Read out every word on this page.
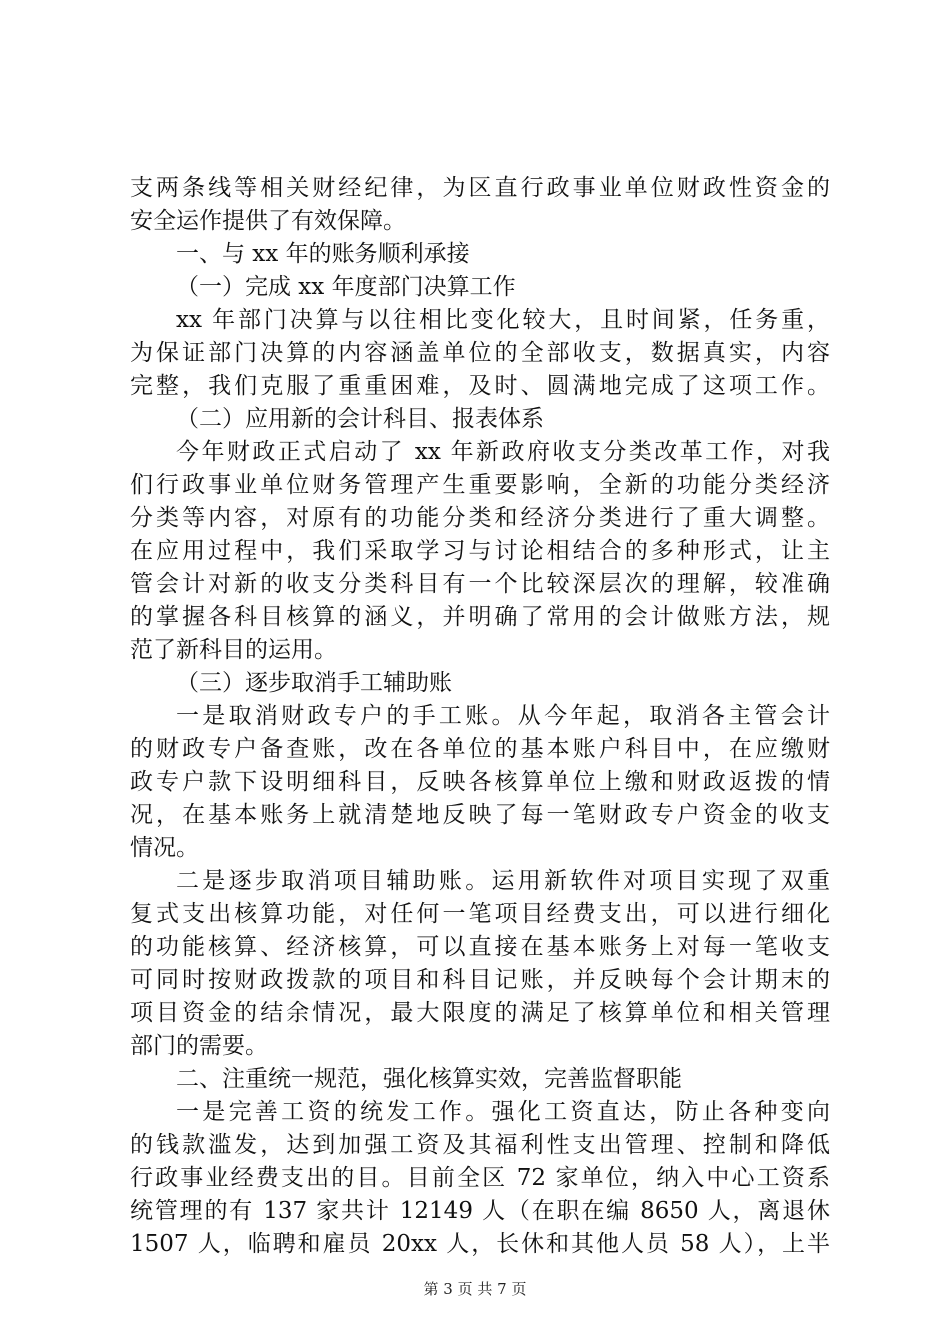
支两条线等相关财经纪律，为区直行政事业单位财政性资金的
安全运作提供了有效保障。
一、与 xx 年的账务顺利承接
（一）完成 xx 年度部门决算工作
xx 年部门决算与以往相比变化较大，且时间紧，任务重，
为保证部门决算的内容涵盖单位的全部收支，数据真实，内容
完整，我们克服了重重困难，及时、圆满地完成了这项工作。
（二）应用新的会计科目、报表体系
今年财政正式启动了 xx 年新政府收支分类改革工作，对我
们行政事业单位财务管理产生重要影响，全新的功能分类经济
分类等内容，对原有的功能分类和经济分类进行了重大调整。
在应用过程中，我们采取学习与讨论相结合的多种形式，让主
管会计对新的收支分类科目有一个比较深层次的理解，较准确
的掌握各科目核算的涵义，并明确了常用的会计做账方法，规
范了新科目的运用。
（三）逐步取消手工辅助账
一是取消财政专户的手工账。从今年起，取消各主管会计
的财政专户备查账，改在各单位的基本账户科目中，在应缴财
政专户款下设明细科目，反映各核算单位上缴和财政返拨的情
况，在基本账务上就清楚地反映了每一笔财政专户资金的收支
情况。
二是逐步取消项目辅助账。运用新软件对项目实现了双重
复式支出核算功能，对任何一笔项目经费支出，可以进行细化
的功能核算、经济核算，可以直接在基本账务上对每一笔收支
可同时按财政拨款的项目和科目记账，并反映每个会计期末的
项目资金的结余情况，最大限度的满足了核算单位和相关管理
部门的需要。
二、注重统一规范，强化核算实效，完善监督职能
一是完善工资的统发工作。强化工资直达，防止各种变向
的钱款滥发，达到加强工资及其福利性支出管理、控制和降低
行政事业经费支出的目。目前全区 72 家单位，纳入中心工资系
统管理的有 137 家共计 12149 人（在职在编 8650 人，离退休
1507 人，临聘和雇员 20xx 人，长休和其他人员 58 人），上半
第 3 页 共 7 页
